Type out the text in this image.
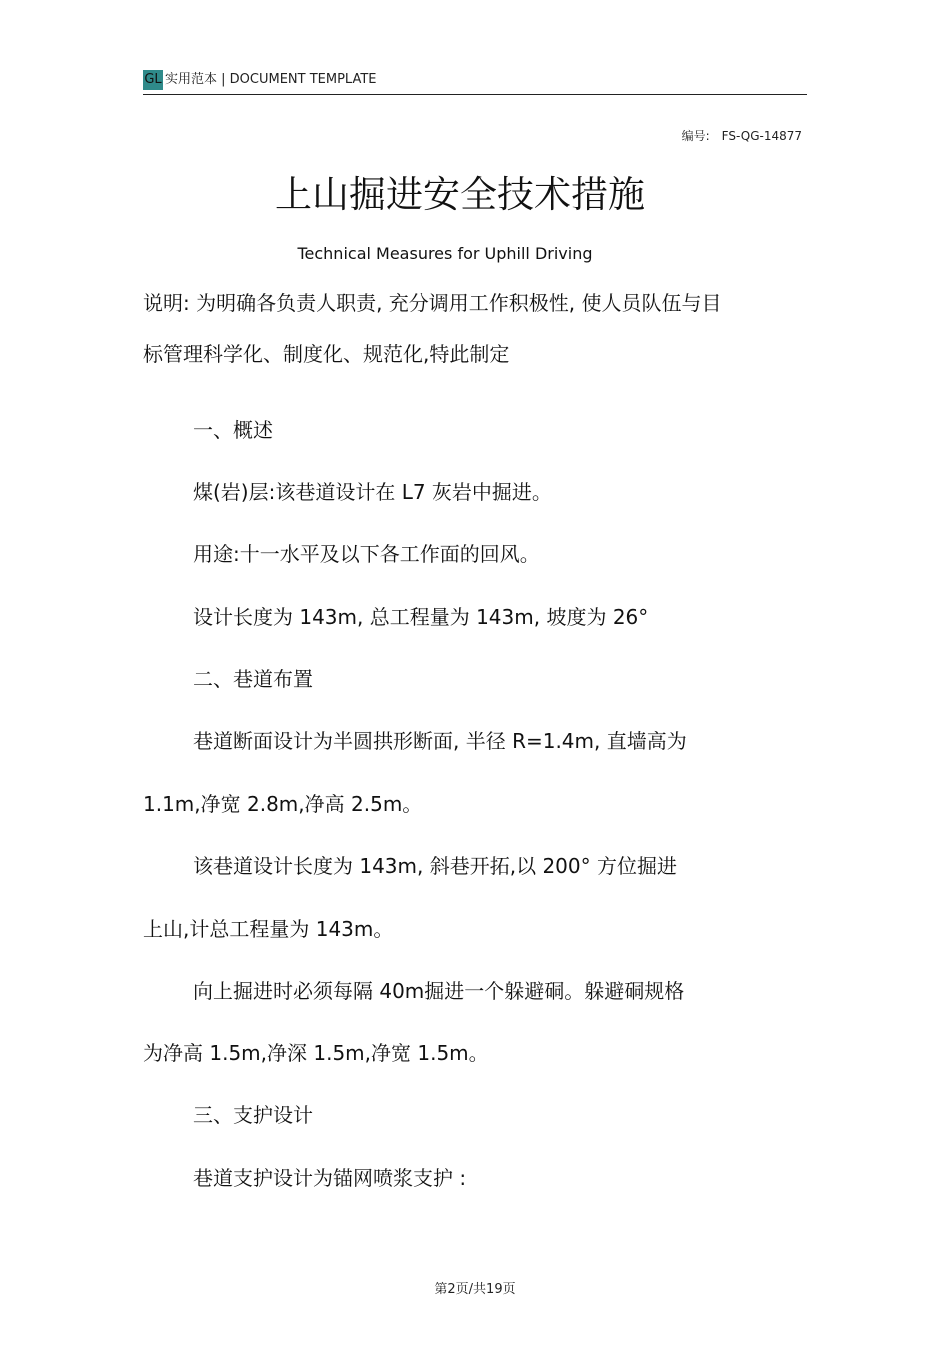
GL 实用范本 | DOCUMENT TEMPLATE
编号: FS-QG-14877
上山掘进安全技术措施
Technical Measures for Uphill Driving
说明: 为明确各负责人职责, 充分调用工作积极性, 使人员队伍与目
标管理科学化、制度化、规范化,特此制定
一、概述
煤(岩)层:该巷道设计在 L7 灰岩中掘进。
用途:十一水平及以下各工作面的回风。
设计长度为 143m, 总工程量为 143m, 坡度为 26°
二、巷道布置
巷道断面设计为半圆拱形断面, 半径 R=1.4m, 直墙高为
1.1m,净宽 2.8m,净高 2.5m。
该巷道设计长度为 143m, 斜巷开拓,以 200° 方位掘进
上山,计总工程量为 143m。
向上掘进时必须每隔 40m掘进一个躲避硐。躲避硐规格
为净高 1.5m,净深 1.5m,净宽 1.5m。
三、支护设计
巷道支护设计为锚网喷浆支护 :
第2页/共19页
